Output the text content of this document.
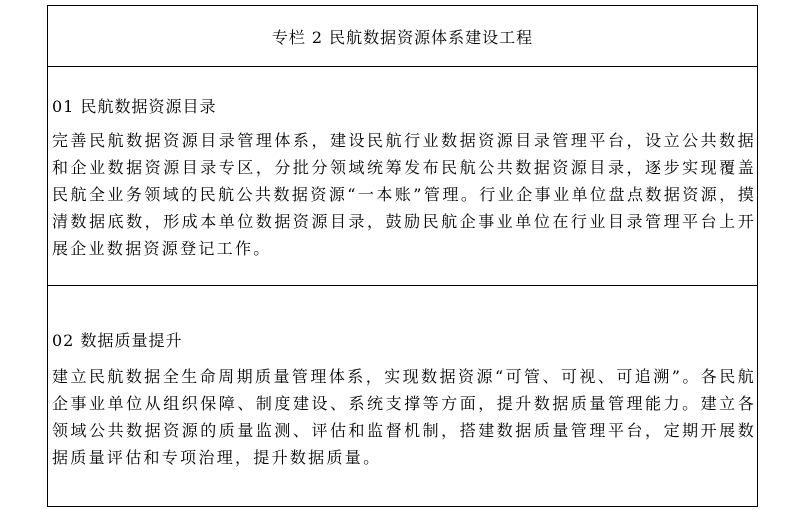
专栏 2 民航数据资源体系建设工程
01 民航数据资源目录
完善民航数据资源目录管理体系，建设民航行业数据资源目录管理平台，设立公共数据和企业数据资源目录专区，分批分领域统筹发布民航公共数据资源目录，逐步实现覆盖民航全业务领域的民航公共数据资源“一本账”管理。行业企事业单位盘点数据资源，摸清数据底数，形成本单位数据资源目录，鼓励民航企事业单位在行业目录管理平台上开展企业数据资源登记工作。
02 数据质量提升
建立民航数据全生命周期质量管理体系，实现数据资源“可管、可视、可追溯”。各民航企事业单位从组织保障、制度建设、系统支撑等方面，提升数据质量管理能力。建立各领域公共数据资源的质量监测、评估和监督机制，搭建数据质量管理平台，定期开展数据质量评估和专项治理，提升数据质量。
